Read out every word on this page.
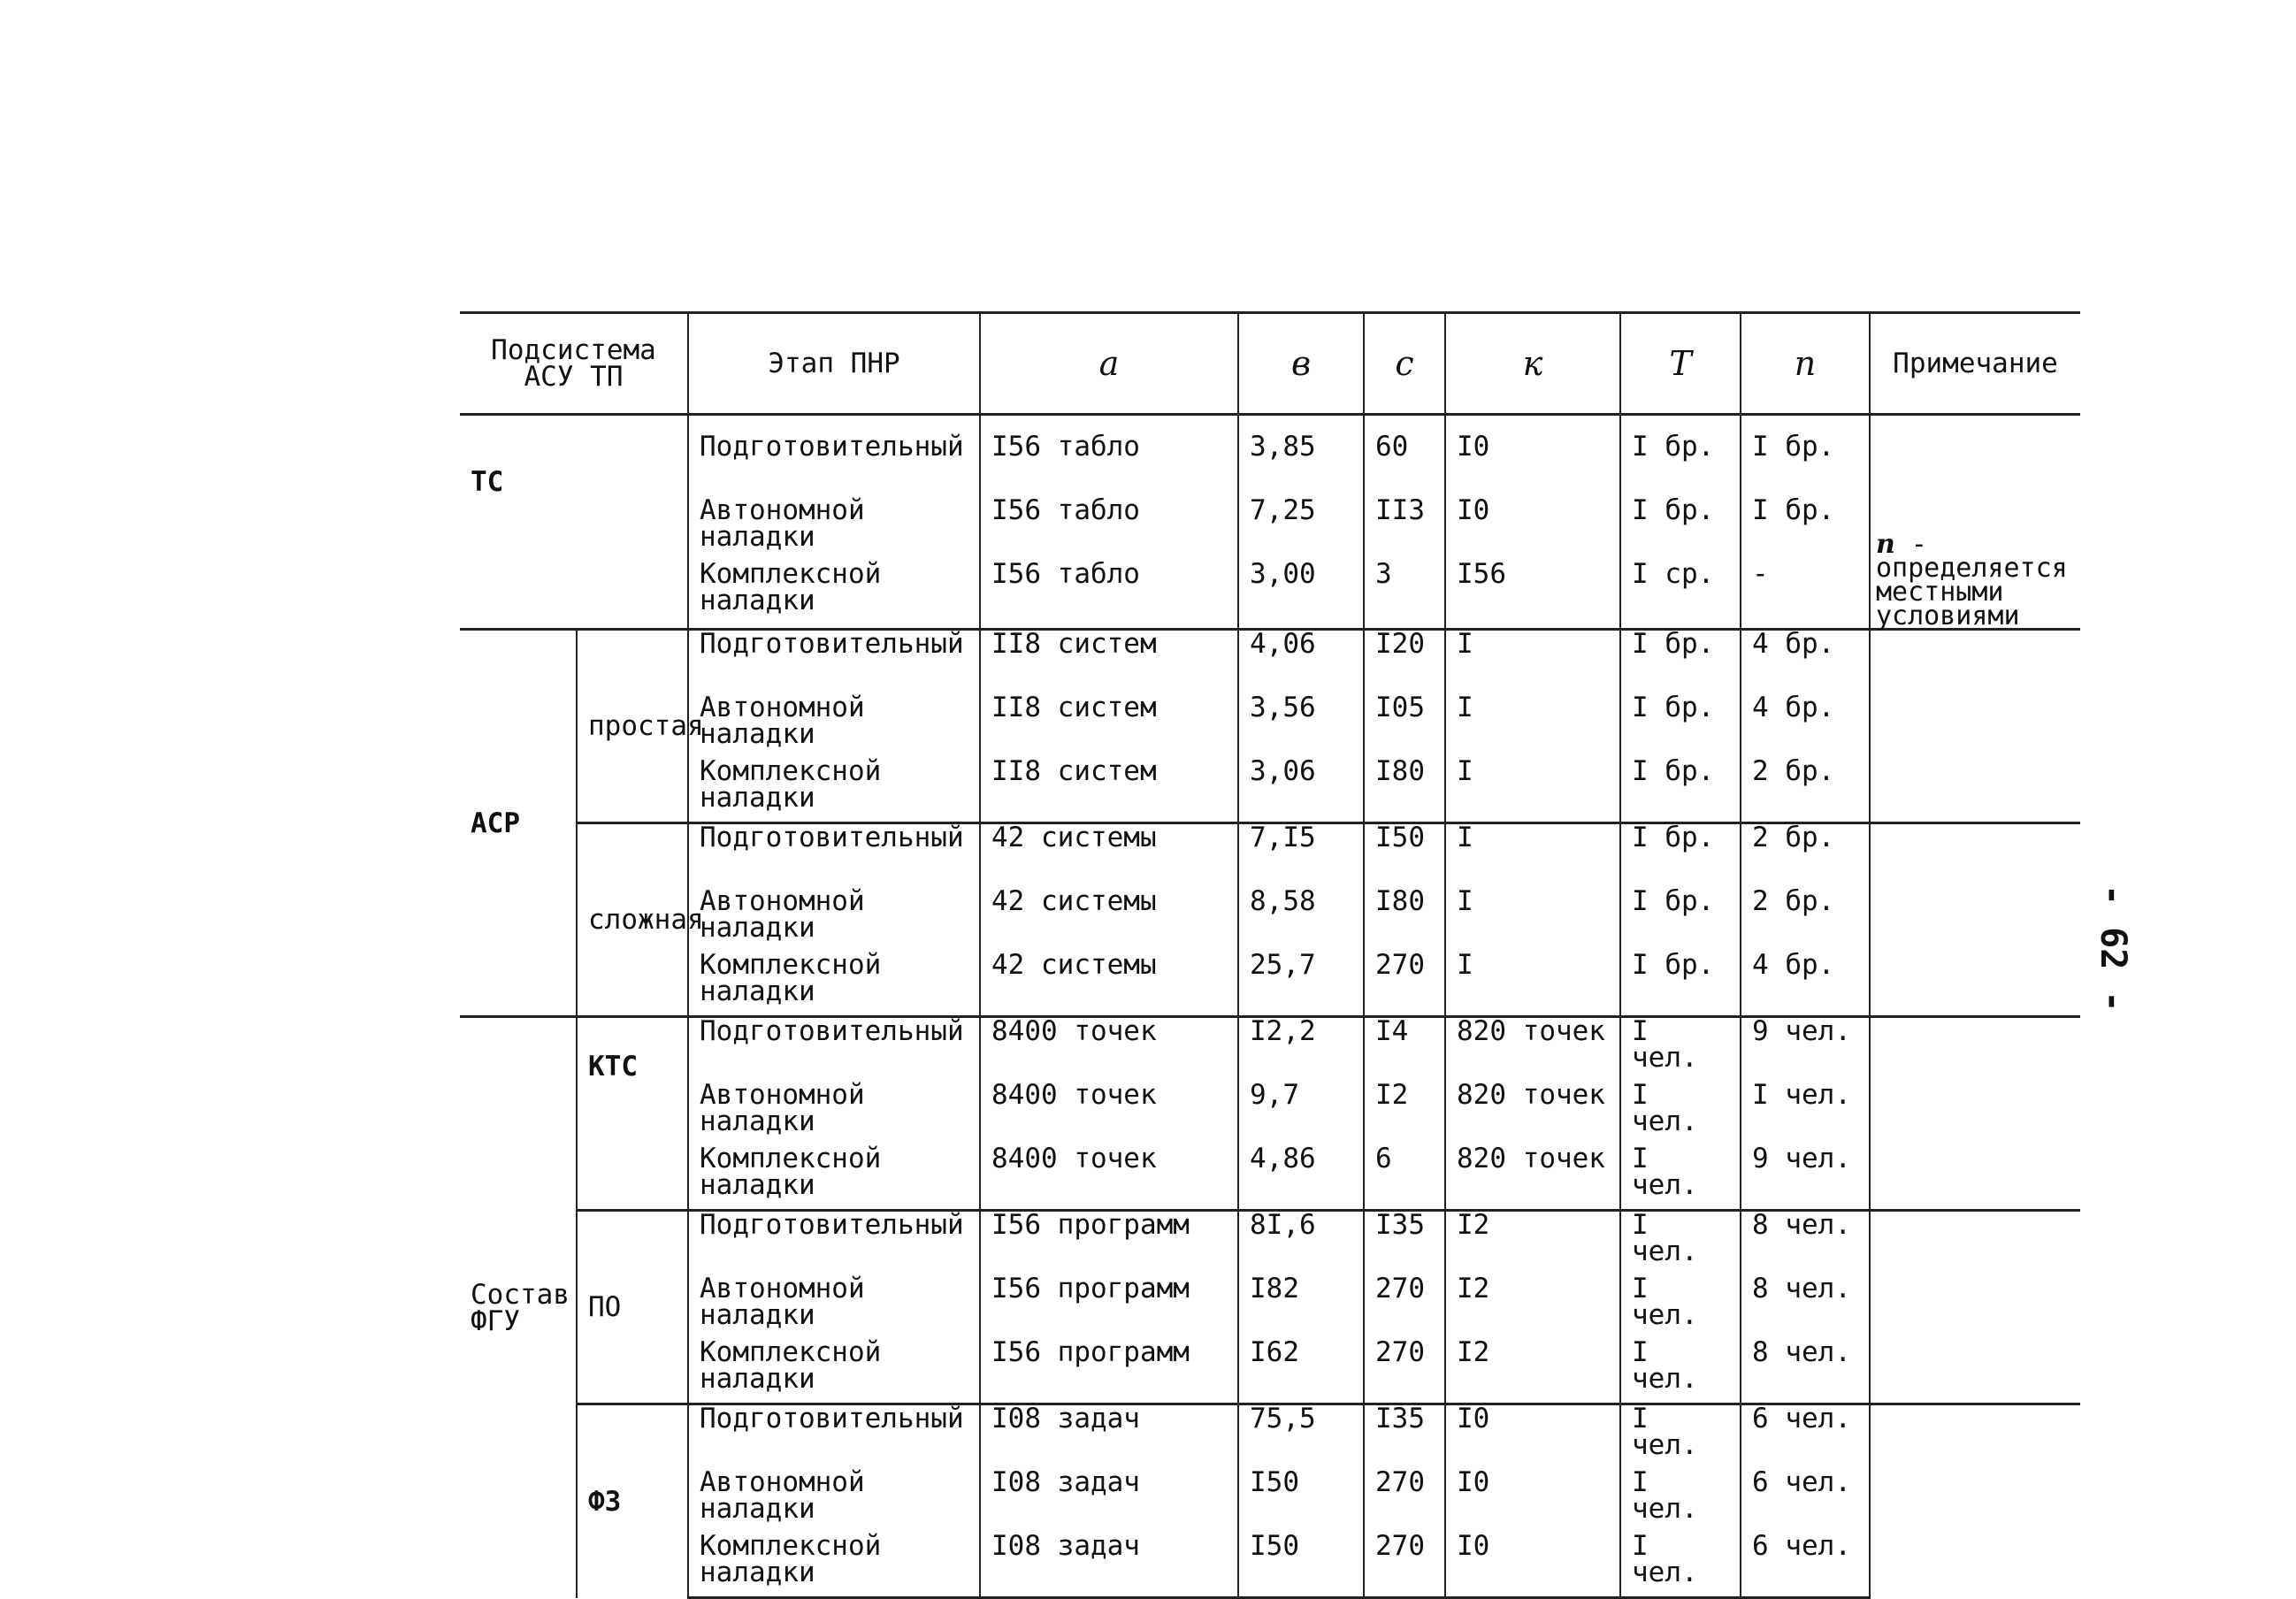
Подсистема АСУ ТП		Этап ПНР	а	в	с	к	Т	п	Примечание
ТС		Подготовительный	I56 табло	3,85	60	I0	I бр.	I бр.	п - определяется местными условиями
		Автономной наладки	I56 табло	7,25	II3	I0	I бр.	I бр.	
		Комплексной наладки	I56 табло	3,00	3	I56	I ср.	-	
АСР	простая	Подготовительный	II8 систем	4,06	I20	I	I бр.	4 бр.	
		Автономной наладки	II8 систем	3,56	I05	I	I бр.	4 бр.	
		Комплексной наладки	II8 систем	3,06	I80	I	I бр.	2 бр.	
	сложная	Подготовительный	42 системы	7,I5	I50	I	I бр.	2 бр.	
		Автономной наладки	42 системы	8,58	I80	I	I бр.	2 бр.	
		Комплексной наладки	42 системы	25,7	270	I	I бр.	4 бр.	
Состав ФГУ	КТС	Подготовительный	8400 точек	I2,2	I4	820 точек	I чел.	9 чел.	
		Автономной наладки	8400 точек	9,7	I2	820 точек	I чел.	I чел.	
		Комплексной наладки	8400 точек	4,86	6	820 точек	I чел.	9 чел.	
	ПО	Подготовительный	I56 программ	8I,6	I35	I2	I чел.	8 чел.	
		Автономной наладки	I56 программ	I82	270	I2	I чел.	8 чел.	
		Комплексной наладки	I56 программ	I62	270	I2	I чел.	8 чел.	
	ФЗ	Подготовительный	I08 задач	75,5	I35	I0	I чел.	6 чел.	
		Автономной наладки	I08 задач	I50	270	I0	I чел.	6 чел.	
		Комплексной наладки	I08 задач	I50	270	I0	I чел.	6 чел.	
- 62 -
